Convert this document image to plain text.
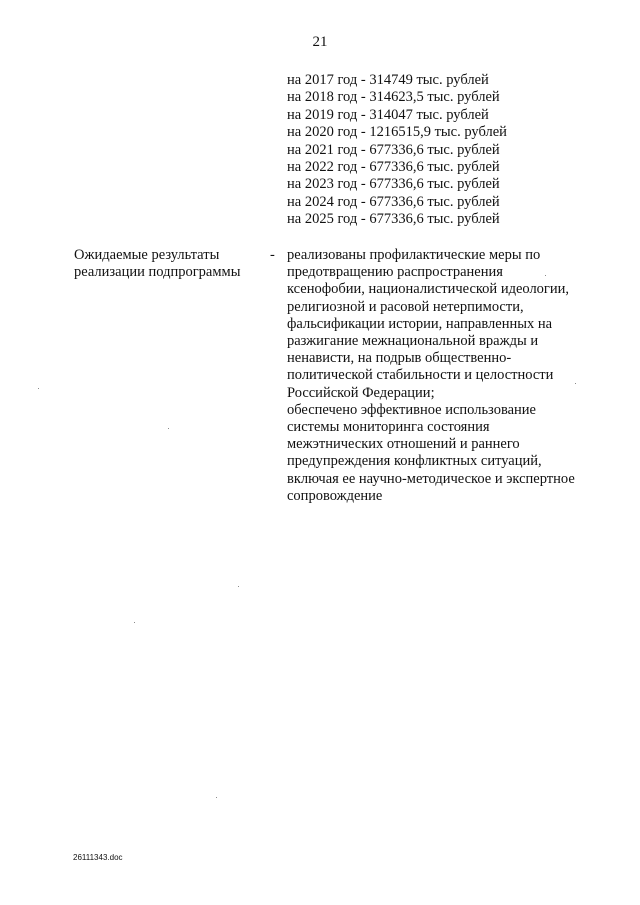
21
на 2017 год - 314749 тыс. рублей
на 2018 год - 314623,5 тыс. рублей
на 2019 год - 314047 тыс. рублей
на 2020 год - 1216515,9 тыс. рублей
на 2021 год - 677336,6 тыс. рублей
на 2022 год - 677336,6 тыс. рублей
на 2023 год - 677336,6 тыс. рублей
на 2024 год - 677336,6 тыс. рублей
на 2025 год - 677336,6 тыс. рублей
Ожидаемые результаты реализации подпрограммы
- реализованы профилактические меры по предотвращению распространения ксенофобии, националистической идеологии, религиозной и расовой нетерпимости, фальсификации истории, направленных на разжигание межнациональной вражды и ненависти, на подрыв общественно-политической стабильности и целостности Российской Федерации;

обеспечено эффективное использование системы мониторинга состояния межэтнических отношений и раннего предупреждения конфликтных ситуаций, включая ее научно-методическое и экспертное сопровождение

26111343.doc
